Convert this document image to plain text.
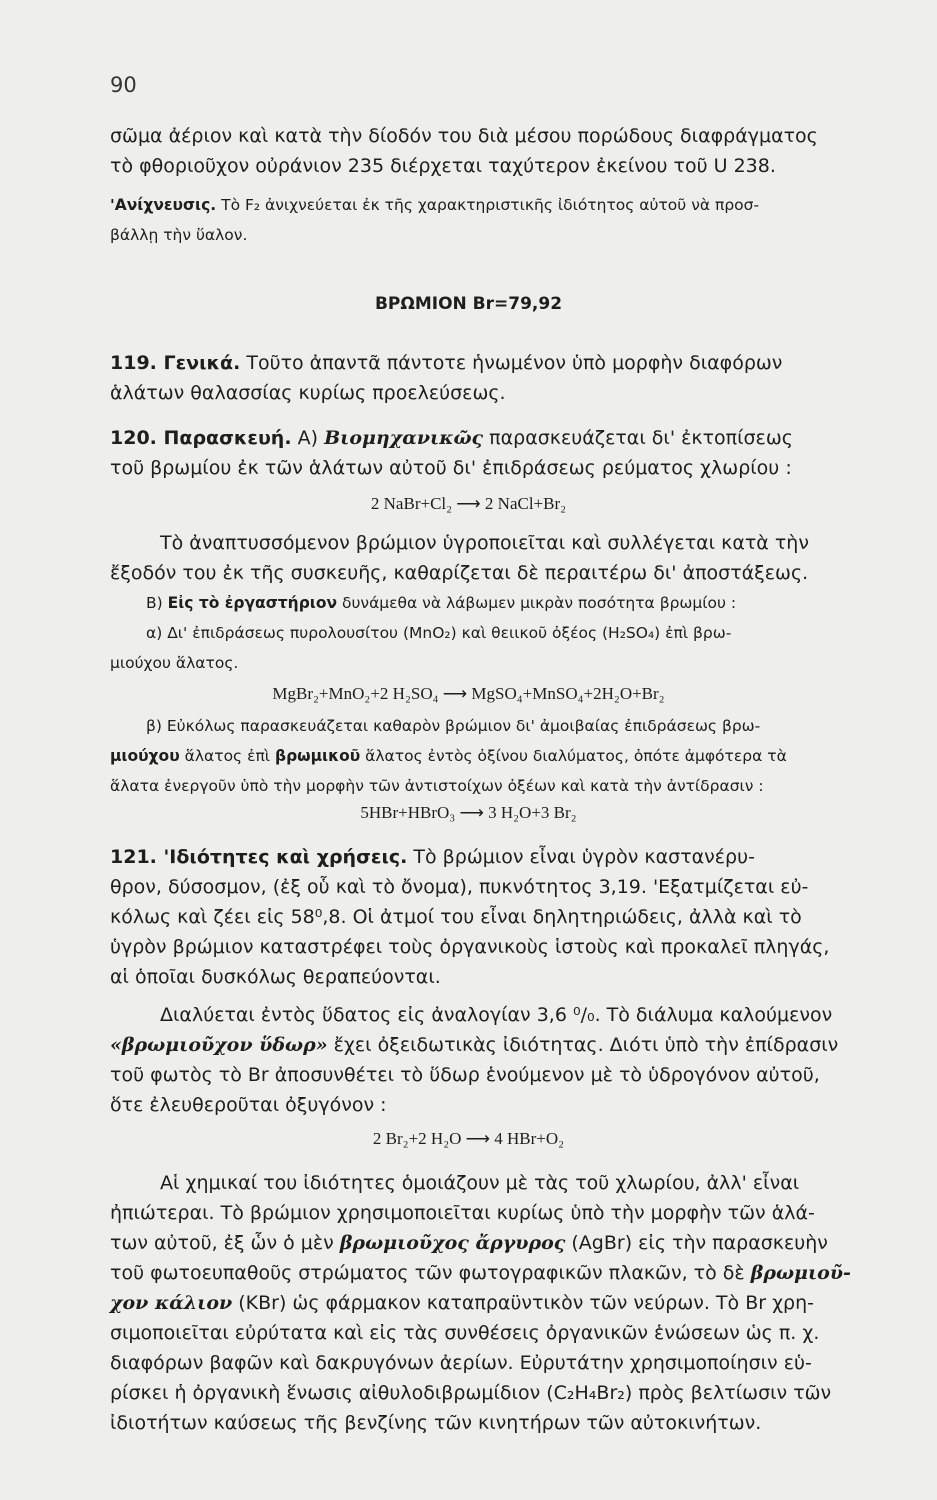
90
σῶμα ἀέριον καὶ κατὰ τὴν δίοδόν του διὰ μέσου πορώδους διαφράγματος
τὸ φθοριοῦχον οὐράνιον 235 διέρχεται ταχύτερον ἐκείνου τοῦ U 238.
'Ανίχνευσις. Τὸ F₂ ἀνιχνεύεται ἐκ τῆς χαρακτηριστικῆς ἰδιότητος αὐτοῦ νὰ προσ-
βάλλῃ τὴν ὕαλον.
ΒΡΩΜΙΟΝ Br=79,92
119. Γενικά. Τοῦτο ἀπαντᾶ πάντοτε ἡνωμένον ὑπὸ μορφὴν διαφόρων
ἁλάτων θαλασσίας κυρίως προελεύσεως.
120. Παρασκευή. Α) Βιομηχανικῶς παρασκευάζεται δι' ἐκτοπίσεως
τοῦ βρωμίου ἐκ τῶν ἁλάτων αὐτοῦ δι' ἐπιδράσεως ρεύματος χλωρίου :
2 NaBr+Cl₂ ⟶ 2 NaCl+Br₂
Τὸ ἀναπτυσσόμενον βρώμιον ὑγροποιεῖται καὶ συλλέγεται κατὰ τὴν
ἔξοδόν του ἐκ τῆς συσκευῆς, καθαρίζεται δὲ περαιτέρω δι' ἀποστάξεως.
Β) Εἰς τὸ ἐργαστήριον δυνάμεθα νὰ λάβωμεν μικρὰν ποσότητα βρωμίου :
α) Δι' ἐπιδράσεως πυρολουσίτου (MnO₂) καὶ θειικοῦ ὀξέος (H₂SO₄) ἐπὶ βρω-
μιούχου ἅλατος.
MgBr₂+MnO₂+2 H₂SO₄ ⟶ MgSO₄+MnSO₄+2H₂O+Br₂
β) Εὐκόλως παρασκευάζεται καθαρὸν βρώμιον δι' ἀμοιβαίας ἐπιδράσεως βρω-
μιούχου ἅλατος ἐπὶ βρωμικοῦ ἅλατος ἐντὸς ὀξίνου διαλύματος, ὁπότε ἀμφότερα τὰ
ἅλατα ἐνεργοῦν ὑπὸ τὴν μορφὴν τῶν ἀντιστοίχων ὀξέων καὶ κατὰ τὴν ἀντίδρασιν :
5HBr+HBrO₃ ⟶ 3 H₂O+3 Br₂
121. 'Ιδιότητες καὶ χρήσεις. Τὸ βρώμιον εἶναι ὑγρὸν καστανέρυ-
θρον, δύσοσμον, (ἐξ οὗ καὶ τὸ ὄνομα), πυκνότητος 3,19. 'Εξατμίζεται εὐ-
κόλως καὶ ζέει εἰς 58⁰,8. Οἱ ἀτμοί του εἶναι δηλητηριώδεις, ἀλλὰ καὶ τὸ
ὑγρὸν βρώμιον καταστρέφει τοὺς ὀργανικοὺς ἱστοὺς καὶ προκαλεῖ πληγάς,
αἱ ὁποῖαι δυσκόλως θεραπεύονται.
Διαλύεται ἐντὸς ὕδατος εἰς ἀναλογίαν 3,6 ⁰/₀. Τὸ διάλυμα καλούμενον
«βρωμιοῦχον ὕδωρ» ἔχει ὀξειδωτικὰς ἰδιότητας. Διότι ὑπὸ τὴν ἐπίδρασιν
τοῦ φωτὸς τὸ Br ἀποσυνθέτει τὸ ὕδωρ ἑνούμενον μὲ τὸ ὑδρογόνον αὐτοῦ,
ὅτε ἐλευθεροῦται ὀξυγόνον :
2 Br₂+2 H₂O ⟶ 4 HBr+O₂
Αἱ χημικαί του ἰδιότητες ὁμοιάζουν μὲ τὰς τοῦ χλωρίου, ἀλλ' εἶναι
ἠπιώτεραι. Τὸ βρώμιον χρησιμοποιεῖται κυρίως ὑπὸ τὴν μορφὴν τῶν ἁλά-
των αὐτοῦ, ἐξ ὧν ὁ μὲν βρωμιοῦχος ἄργυρος (AgBr) εἰς τὴν παρασκευὴν
τοῦ φωτοευπαθοῦς στρώματος τῶν φωτογραφικῶν πλακῶν, τὸ δὲ βρωμιοῦ-
χον κάλιον (KBr) ὡς φάρμακον καταπραϋντικὸν τῶν νεύρων. Τὸ Br χρη-
σιμοποιεῖται εὐρύτατα καὶ εἰς τὰς συνθέσεις ὀργανικῶν ἑνώσεων ὡς π. χ.
διαφόρων βαφῶν καὶ δακρυγόνων ἀερίων. Εὐρυτάτην χρησιμοποίησιν εὑ-
ρίσκει ἡ ὀργανικὴ ἕνωσις αἰθυλοδιβρωμίδιον (C₂H₄Br₂) πρὸς βελτίωσιν τῶν
ἰδιοτήτων καύσεως τῆς βενζίνης τῶν κινητήρων τῶν αὐτοκινήτων.
